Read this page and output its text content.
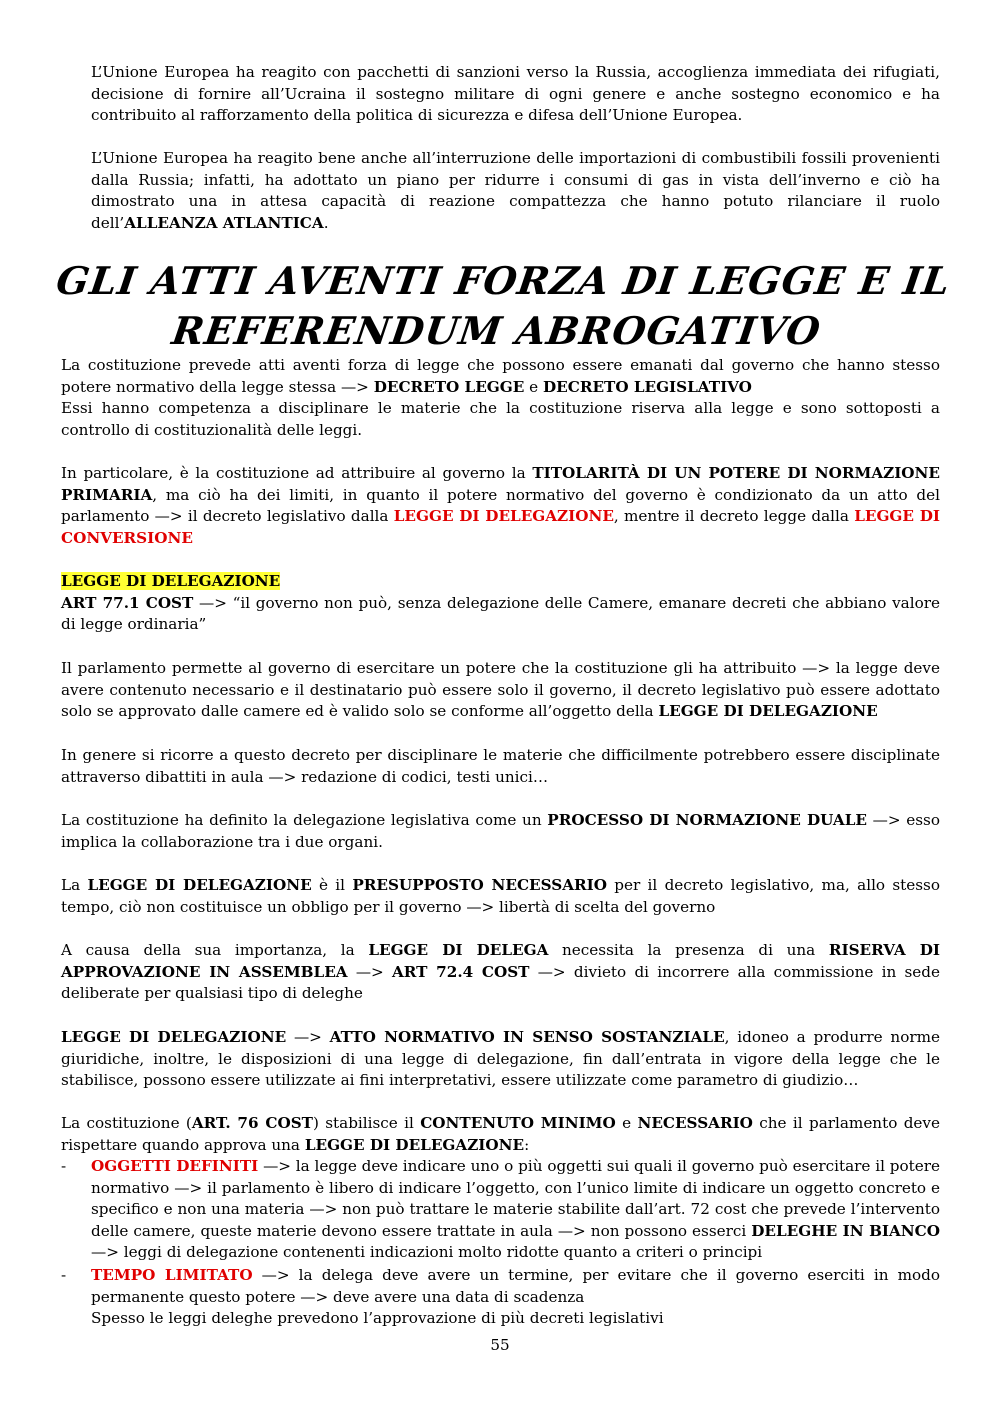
L’Unione Europea ha reagito con pacchetti di sanzioni verso la Russia, accoglienza immediata dei rifugiati, decisione di fornire all’Ucraina il sostegno militare di ogni genere e anche sostegno economico e ha contribuito al rafforzamento della politica di sicurezza e difesa dell’Unione Europea.

L’Unione Europea ha reagito bene anche all’interruzione delle importazioni di combustibili fossili provenienti dalla Russia; infatti, ha adottato un piano per ridurre i consumi di gas in vista dell’inverno e ciò ha dimostrato una in attesa capacità di reazione compattezza che hanno potuto rilanciare il ruolo dell’ALLEANZA ATLANTICA.

GLI ATTI AVENTI FORZA DI LEGGE E IL
REFERENDUM ABROGATIVO

La costituzione prevede atti aventi forza di legge che possono essere emanati dal governo che hanno stesso potere normativo della legge stessa —> DECRETO LEGGE e DECRETO LEGISLATIVO
Essi hanno competenza a disciplinare le materie che la costituzione riserva alla legge e sono sottoposti a controllo di costituzionalità delle leggi.

In particolare, è la costituzione ad attribuire al governo la TITOLARITÀ DI UN POTERE DI NORMAZIONE PRIMARIA, ma ciò ha dei limiti, in quanto il potere normativo del governo è condizionato da un atto del parlamento —> il decreto legislativo dalla LEGGE DI DELEGAZIONE, mentre il decreto legge dalla LEGGE DI CONVERSIONE

LEGGE DI DELEGAZIONE
ART 77.1 COST —> “il governo non può, senza delegazione delle Camere, emanare decreti che abbiano valore di legge ordinaria”

Il parlamento permette al governo di esercitare un potere che la costituzione gli ha attribuito —> la legge deve avere contenuto necessario e il destinatario può essere solo il governo, il decreto legislativo può essere adottato solo se approvato dalle camere ed è valido solo se conforme all’oggetto della LEGGE DI DELEGAZIONE

In genere si ricorre a questo decreto per disciplinare le materie che difficilmente potrebbero essere disciplinate attraverso dibattiti in aula —> redazione di codici, testi unici…

La costituzione ha definito la delegazione legislativa come un PROCESSO DI NORMAZIONE DUALE —> esso implica la collaborazione tra i due organi.

La LEGGE DI DELEGAZIONE è il PRESUPPOSTO NECESSARIO per il decreto legislativo, ma, allo stesso tempo, ciò non costituisce un obbligo per il governo —> libertà di scelta del governo

A causa della sua importanza, la LEGGE DI DELEGA necessita la presenza di una RISERVA DI APPROVAZIONE IN ASSEMBLEA —> ART 72.4 COST —> divieto di incorrere alla commissione in sede deliberate per qualsiasi tipo di deleghe

LEGGE DI DELEGAZIONE —> ATTO NORMATIVO IN SENSO SOSTANZIALE, idoneo a produrre norme giuridiche, inoltre, le disposizioni di una legge di delegazione, fin dall’entrata in vigore della legge che le stabilisce, possono essere utilizzate ai fini interpretativi, essere utilizzate come parametro di giudizio…

La costituzione (ART. 76 COST) stabilisce il CONTENUTO MINIMO e NECESSARIO che il parlamento deve rispettare quando approva una LEGGE DI DELEGAZIONE:

- OGGETTI DEFINITI —> la legge deve indicare uno o più oggetti sui quali il governo può esercitare il potere normativo —> il parlamento è libero di indicare l’oggetto, con l’unico limite di indicare un oggetto concreto e specifico e non una materia —> non può trattare le materie stabilite dall’art. 72 cost che prevede l’intervento delle camere, queste materie devono essere trattate in aula —> non possono esserci DELEGHE IN BIANCO —> leggi di delegazione contenenti indicazioni molto ridotte quanto a criteri o principi

- TEMPO LIMITATO —> la delega deve avere un termine, per evitare che il governo eserciti in modo permanente questo potere —> deve avere una data di scadenza
Spesso le leggi deleghe prevedono l’approvazione di più decreti legislativi

55
